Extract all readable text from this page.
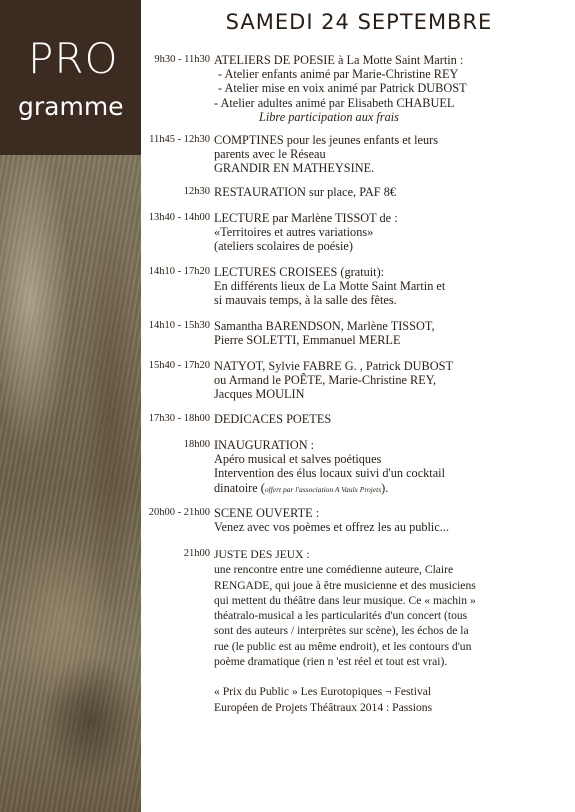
PRO
gramme
SAMEDI 24 SEPTEMBRE
9h30 - 11h30 ATELIERS DE POESIE à La Motte Saint Martin :
- Atelier enfants animé par Marie-Christine REY
- Atelier mise en voix animé par Patrick DUBOST
- Atelier adultes animé par Elisabeth CHABUEL
Libre participation aux frais
11h45 - 12h30 COMPTINES pour les jeunes enfants et leurs
parents avec le Réseau
GRANDIR EN MATHEYSINE.
12h30 RESTAURATION sur place, PAF 8€
13h40 - 14h00 LECTURE par Marlène TISSOT de :
«Territoires et autres variations»
(ateliers scolaires de poésie)
14h10 - 17h20 LECTURES CROISEES (gratuit):
En différents lieux de La Motte Saint Martin et
si mauvais temps, à la salle des fêtes.
14h10 - 15h30 Samantha BARENDSON, Marlène TISSOT,
Pierre SOLETTI, Emmanuel MERLE
15h40 - 17h20 NATYOT, Sylvie FABRE G. , Patrick DUBOST
ou Armand le POÊTE, Marie-Christine REY,
Jacques MOULIN
17h30 - 18h00 DEDICACES POETES
18h00 INAUGURATION :
Apéro musical et salves poétiques
Intervention des élus locaux suivi d'un cocktail
dinatoire (offert par l'association A Vaulx Projets).
20h00 - 21h00 SCENE OUVERTE :
Venez avec vos poèmes et offrez les au public...
21h00 JUSTE DES JEUX :
une rencontre entre une comédienne auteure, Claire
RENGADE, qui joue à être musicienne et des musiciens
qui mettent du théâtre dans leur musique. Ce « machin »
théatralo-musical a les particularités d'un concert (tous
sont des auteurs / interprètes sur scène), les échos de la
rue (le public est au même endroit), et les contours d'un
poème dramatique (rien n 'est réel et tout est vrai).
« Prix du Public » Les Eurotopiques ¬ Festival
Européen de Projets Théâtraux 2014 : Passions
